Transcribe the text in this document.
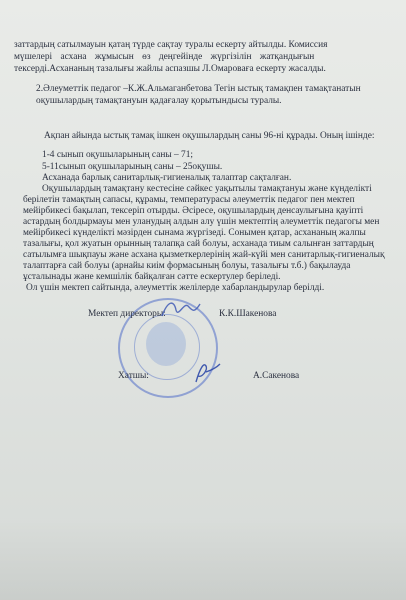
заттардың сатылмауын қатаң түрде сақтау туралы ескерту айтылды. Комиссия
мүшелері асхана жұмысын өз деңгейінде жүргізілін жатқандығын
тексерді.Асхананың тазалығы жайлы аспазшы Л.Омароваға ескерту жасалды.
2.Әлеуметтік педагог –К.Ж.Альмаганбетова Тегін ыстық тамақпен тамақтанатын
оқушылардың тамақтануын қадағалау қорытындысы туралы.
Ақпан айында ыстық тамақ ішкен оқушылардың саны 96-ні құрады. Оның ішінде:
1-4 сынып оқушыларының саны – 71;
5-11сынып оқушыларының саны – 25оқушы.
Асханада барлық санитарлық-гигиеналық талаптар сақталған.
Оқушылардың тамақтану кестесіне сәйкес уақытылы тамақтануы және күнделікті
берілетін тамақтың сапасы, құрамы, температурасы әлеуметтік педагог пен мектеп
мейірбикесі бақылап, тексеріп отырды. Әсіресе, оқушылардың денсаулығына қауіпті
астардың болдырмауы мен уланудың алдын алу үшін мектептің әлеуметтік педагогы мен
мейірбикесі күнделікті мәзірден сынама жүргізеді. Сонымен қатар, асхананың жалпы
тазалығы, қол жуатын орынның талапқа сай болуы, асханада тиым салынған заттардың
сатылымға шықпауы және асхана қызметкерлерінің жай-күйі мен санитарлық-гигиеналық
талаптарға сай болуы (арнайы киім формасының болуы, тазалығы т.б.) бақылауда
ұсталынады және кемшілік байқалған сәтте ескертулер беріледі.
Ол үшін мектеп сайтында, әлеуметтік желілерде хабарландырулар берілді.
Мектеп директоры:	К.К.Шакенова
Хатшы:	А.Сакенова
